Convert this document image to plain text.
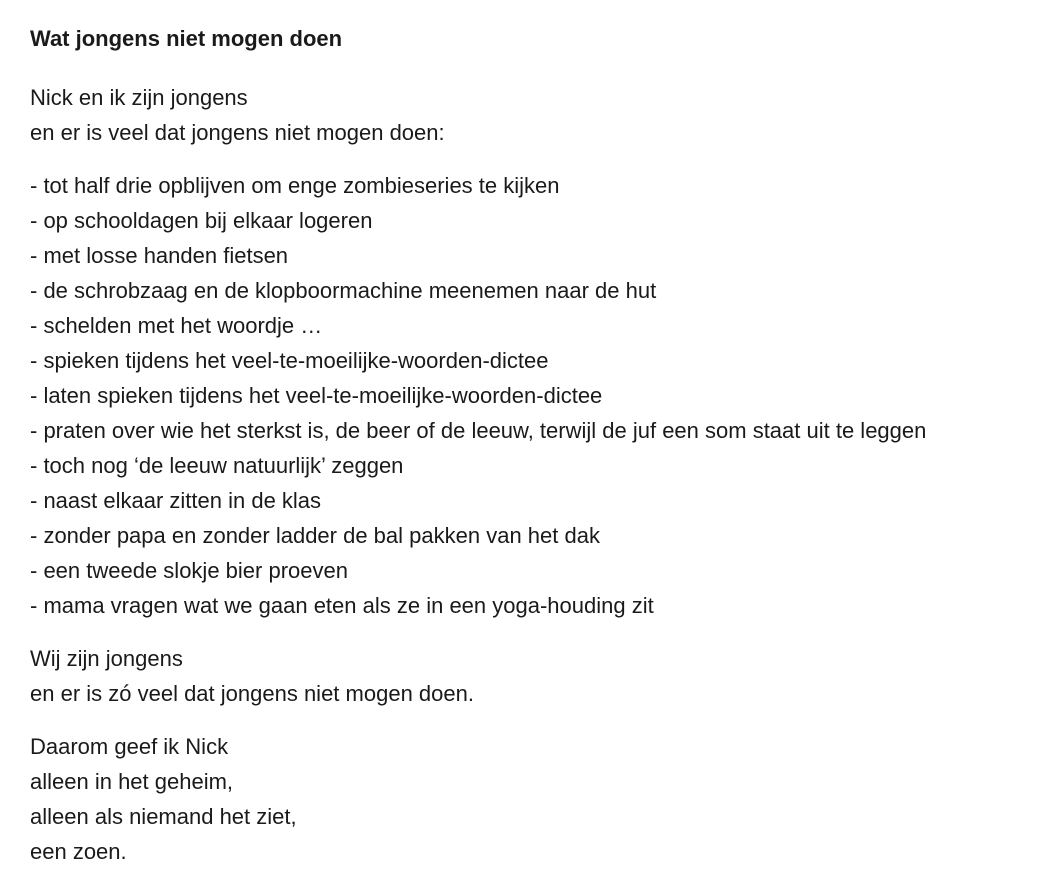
Wat jongens niet mogen doen
Nick en ik zijn jongens
en er is veel dat jongens niet mogen doen:
- tot half drie opblijven om enge zombieseries te kijken
- op schooldagen bij elkaar logeren
- met losse handen fietsen
- de schrobzaag en de klopboormachine meenemen naar de hut
- schelden met het woordje …
- spieken tijdens het veel-te-moeilijke-woorden-dictee
- laten spieken tijdens het veel-te-moeilijke-woorden-dictee
- praten over wie het sterkst is, de beer of de leeuw, terwijl de juf een som staat uit te leggen
- toch nog ‘de leeuw natuurlijk’ zeggen
- naast elkaar zitten in de klas
- zonder papa en zonder ladder de bal pakken van het dak
- een tweede slokje bier proeven
- mama vragen wat we gaan eten als ze in een yoga-houding zit
Wij zijn jongens
en er is zó veel dat jongens niet mogen doen.
Daarom geef ik Nick
alleen in het geheim,
alleen als niemand het ziet,
een zoen.
